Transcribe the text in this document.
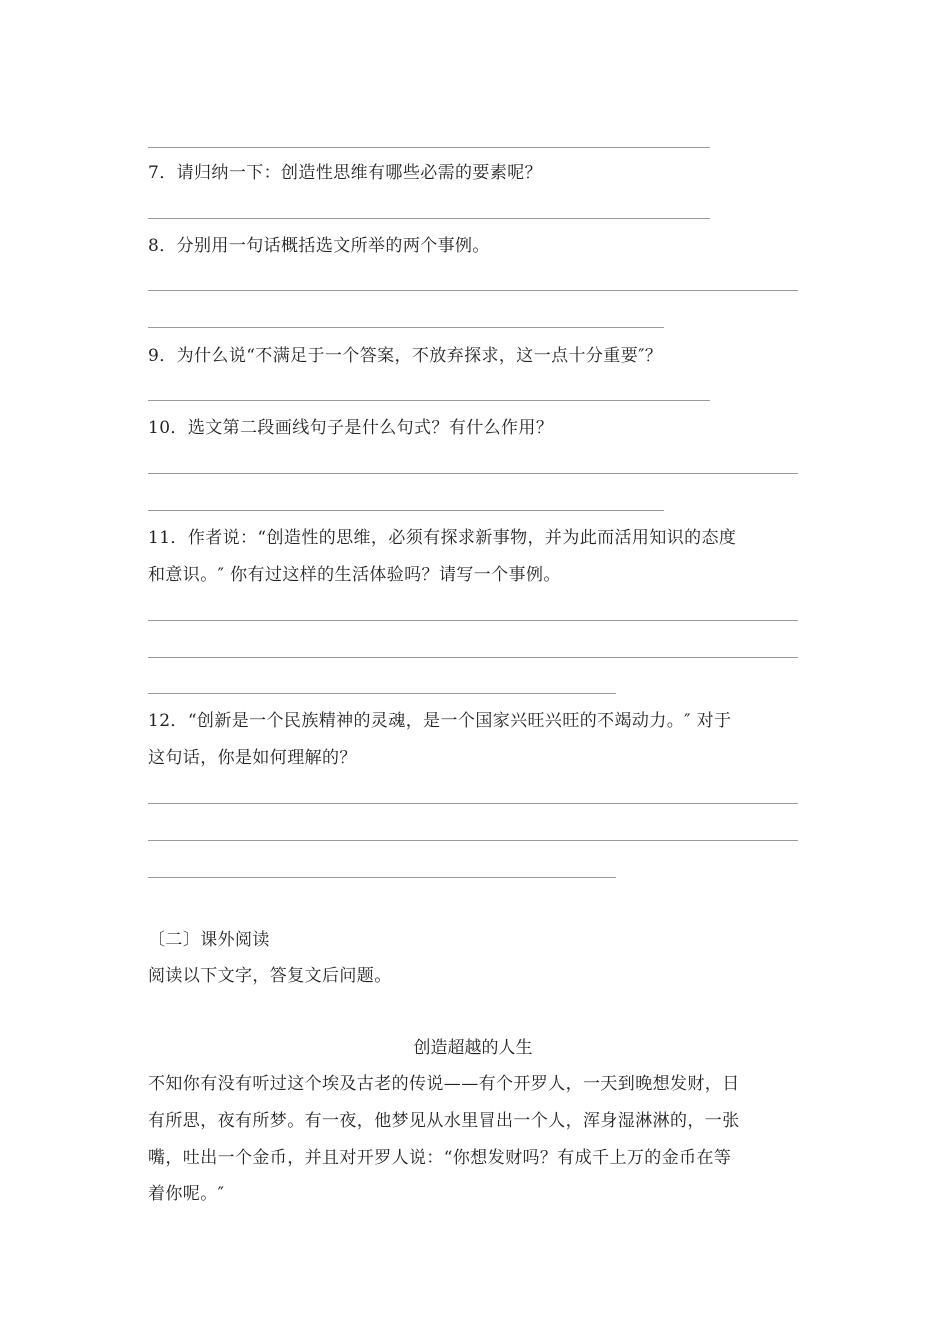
7．请归纳一下：创造性思维有哪些必需的要素呢？
8．分别用一句话概括选文所举的两个事例。
9．为什么说“不满足于一个答案，不放弃探求，这一点十分重要″？
10．选文第二段画线句子是什么句式？有什么作用？
11．作者说：“创造性的思维，必须有探求新事物，并为此而活用知识的态度
和意识。″ 你有过这样的生活体验吗？请写一个事例。
12．“创新是一个民族精神的灵魂，是一个国家兴旺兴旺的不竭动力。″ 对于
这句话，你是如何理解的？
〔二〕课外阅读
阅读以下文字，答复文后问题。
创造超越的人生
不知你有没有听过这个埃及古老的传说——有个开罗人，一天到晚想发财，日
有所思，夜有所梦。有一夜，他梦见从水里冒出一个人，浑身湿淋淋的，一张
嘴，吐出一个金币，并且对开罗人说：“你想发财吗？有成千上万的金币在等
着你呢。″
